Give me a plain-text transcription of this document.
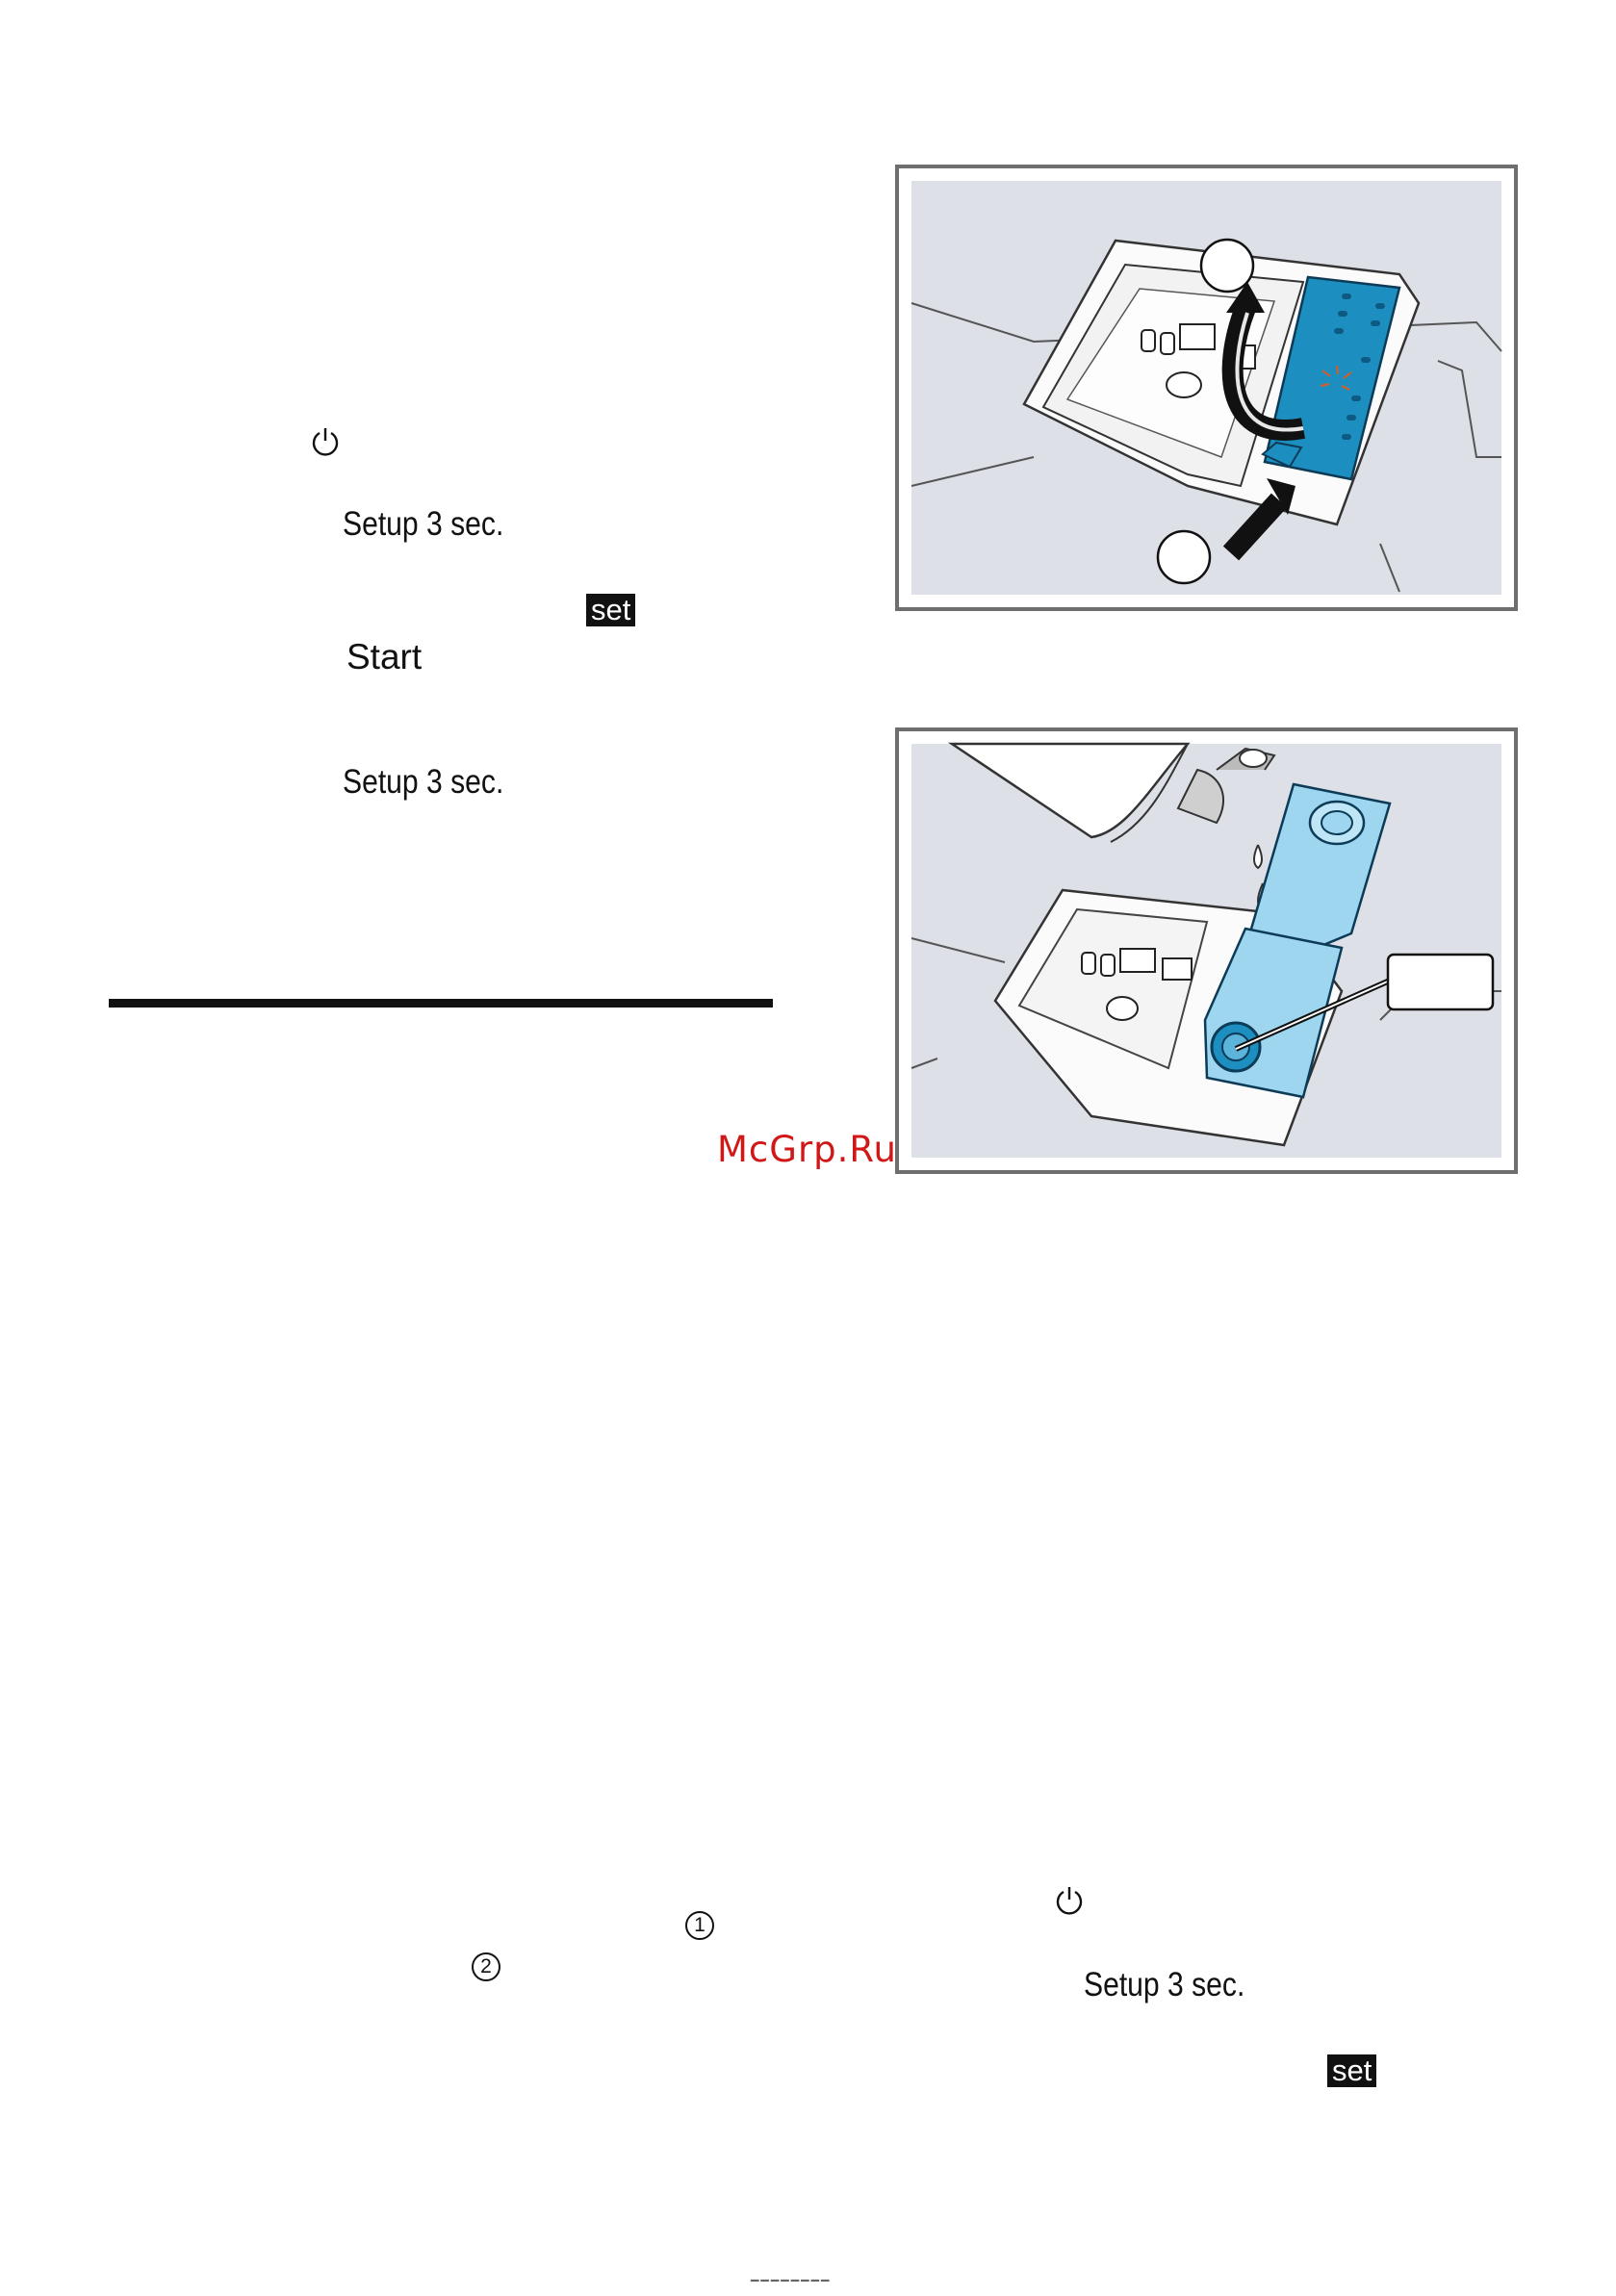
Setup 3 sec.
set
Start
Setup 3 sec.
McGrp.Ru
1
2	Setup 3 sec.
set
▔▔▔▔▔▔▔▔
